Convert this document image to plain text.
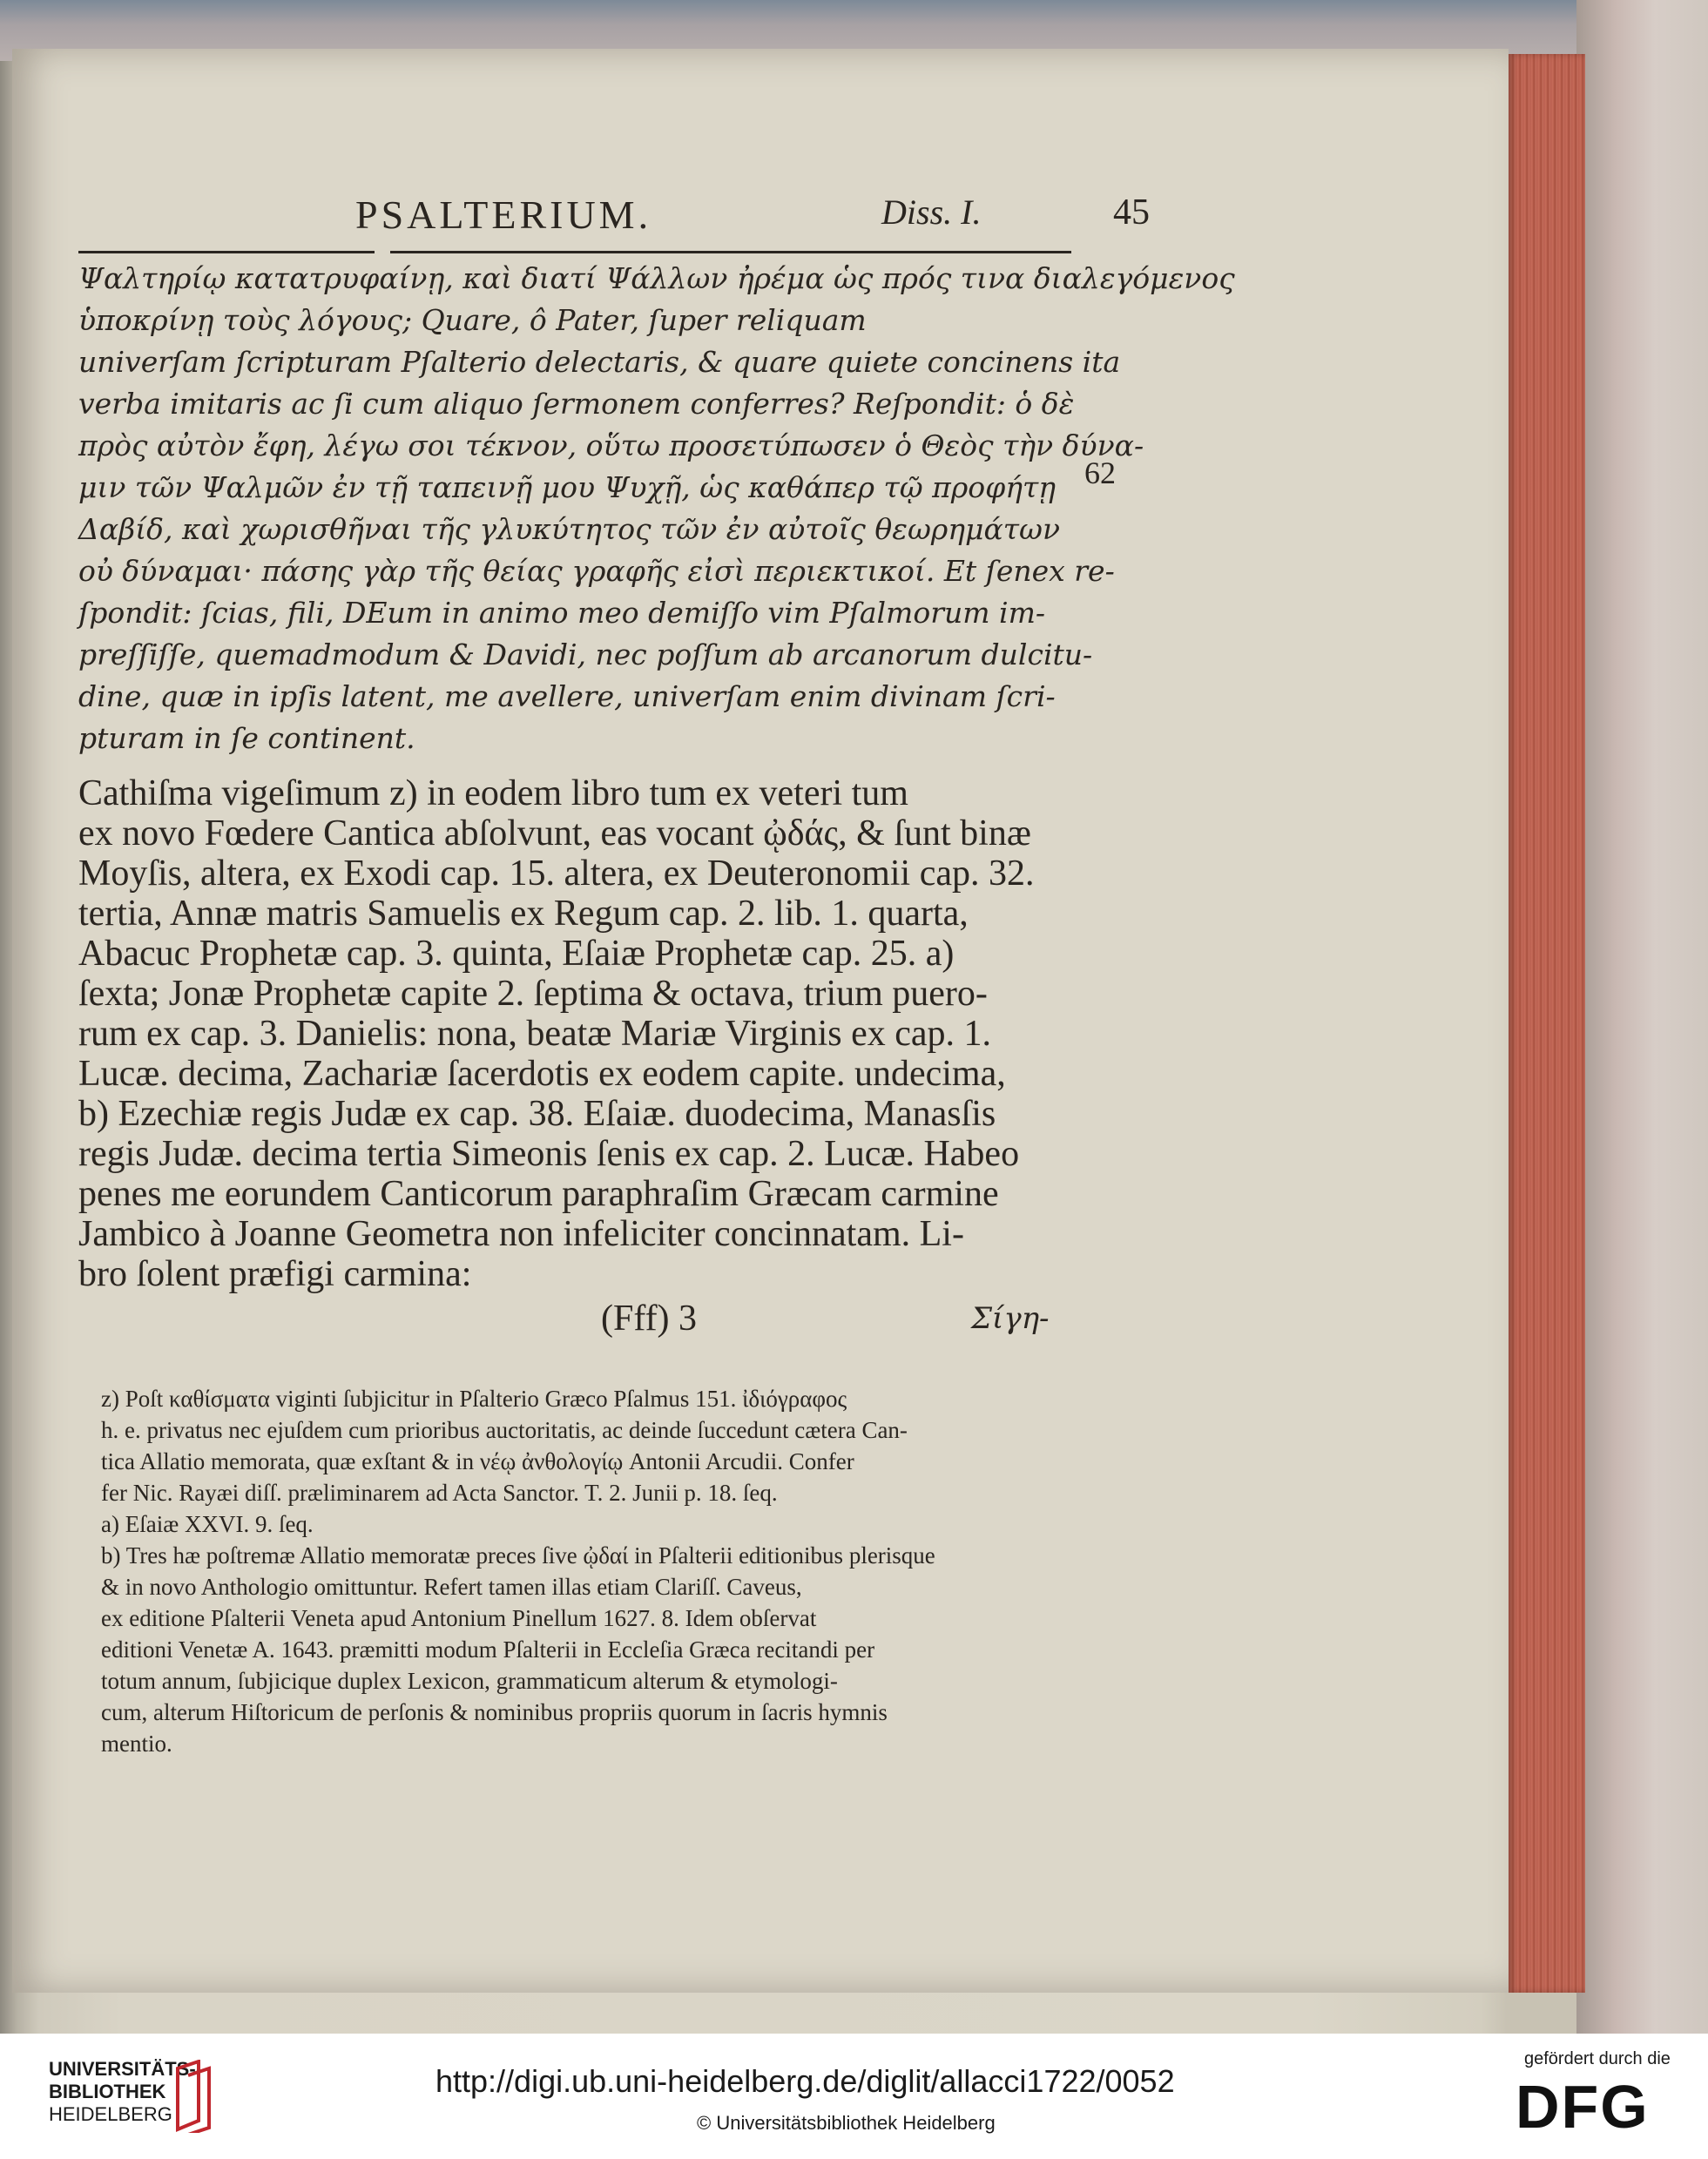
PSALTERIUM.	Diss. I.	45
Ψαλτηρίῳ κατατρυφαίνῃ, καὶ διατί Ψάλλων ἠρέμα ὡς πρός τινα διαλεγόμενος
ὑποκρίνῃ τοὺς λόγους; Quare, ô Pater, ſuper reliquam
univerſam ſcripturam Pſalterio delectaris, & quare quiete concinens ita
verba imitaris ac ſi cum aliquo ſermonem conferres? Reſpondit: ὁ δὲ
πρὸς αὐτὸν ἔφη, λέγω σοι τέκνον, οὕτω προσετύπωσεν ὁ Θεὸς τὴν δύνα-
μιν τῶν Ψαλμῶν ἐν τῇ ταπεινῇ μου Ψυχῇ, ὡς καθάπερ τῷ προφήτῃ
Δαβίδ, καὶ χωρισθῆναι τῆς γλυκύτητος τῶν ἐν αὐτοῖς θεωρημάτων
οὐ δύναμαι· πάσης γὰρ τῆς θείας γραφῆς εἰσὶ περιεκτικοί. Et ſenex re-
ſpondit: ſcias, fili, DEum in animo meo demiſſo vim Pſalmorum im-
preſſiſſe, quemadmodum & Davidi, nec poſſum ab arcanorum dulcitu-
dine, quæ in ipſis latent, me avellere, univerſam enim divinam ſcri-
pturam in ſe continent.
62
Cathiſma vigeſimum z) in eodem libro tum ex veteri tum
ex novo Fœdere Cantica abſolvunt, eas vocant ᾠδάς, & ſunt binæ
Moyſis, altera, ex Exodi cap. 15. altera, ex Deuteronomii cap. 32.
tertia, Annæ matris Samuelis ex Regum cap. 2. lib. 1. quarta,
Abacuc Prophetæ cap. 3. quinta, Eſaiæ Prophetæ cap. 25. a)
ſexta; Jonæ Prophetæ capite 2. ſeptima & octava, trium puero-
rum ex cap. 3. Danielis: nona, beatæ Mariæ Virginis ex cap. 1.
Lucæ. decima, Zachariæ ſacerdotis ex eodem capite. undecima,
b) Ezechiæ regis Judæ ex cap. 38. Eſaiæ. duodecima, Manasſis
regis Judæ. decima tertia Simeonis ſenis ex cap. 2. Lucæ. Habeo
penes me eorundem Canticorum paraphraſim Græcam carmine
Jambico à Joanne Geometra non infeliciter concinnatam. Li-
bro ſolent præfigi carmina:
(Fff) 3	Σίγη-
z) Poſt καθίσματα viginti ſubjicitur in Pſalterio Græco Pſalmus 151. ἰδιόγραφος
h. e. privatus nec ejuſdem cum prioribus auctoritatis, ac deinde ſuccedunt cætera Can-
tica Allatio memorata, quæ exſtant & in νέῳ ἀνθολογίῳ Antonii Arcudii. Confer
fer Nic. Rayæi diſſ. præliminarem ad Acta Sanctor. T. 2. Junii p. 18. ſeq.
a) Eſaiæ XXVI. 9. ſeq.
b) Tres hæ poſtremæ Allatio memoratæ preces ſive ᾠδαί in Pſalterii editionibus plerisque
& in novo Anthologio omittuntur. Refert tamen illas etiam Clariſſ. Caveus,
ex editione Pſalterii Veneta apud Antonium Pinellum 1627. 8. Idem obſervat
editioni Venetæ A. 1643. præmitti modum Pſalterii in Eccleſia Græca recitandi per
totum annum, ſubjicique duplex Lexicon, grammaticum alterum & etymologi-
cum, alterum Hiſtoricum de perſonis & nominibus propriis quorum in ſacris hymnis
mentio.
UNIVERSITÄTS-
BIBLIOTHEK
HEIDELBERG
http://digi.ub.uni-heidelberg.de/diglit/allacci1722/0052
© Universitätsbibliothek Heidelberg
gefördert durch die
DFG
